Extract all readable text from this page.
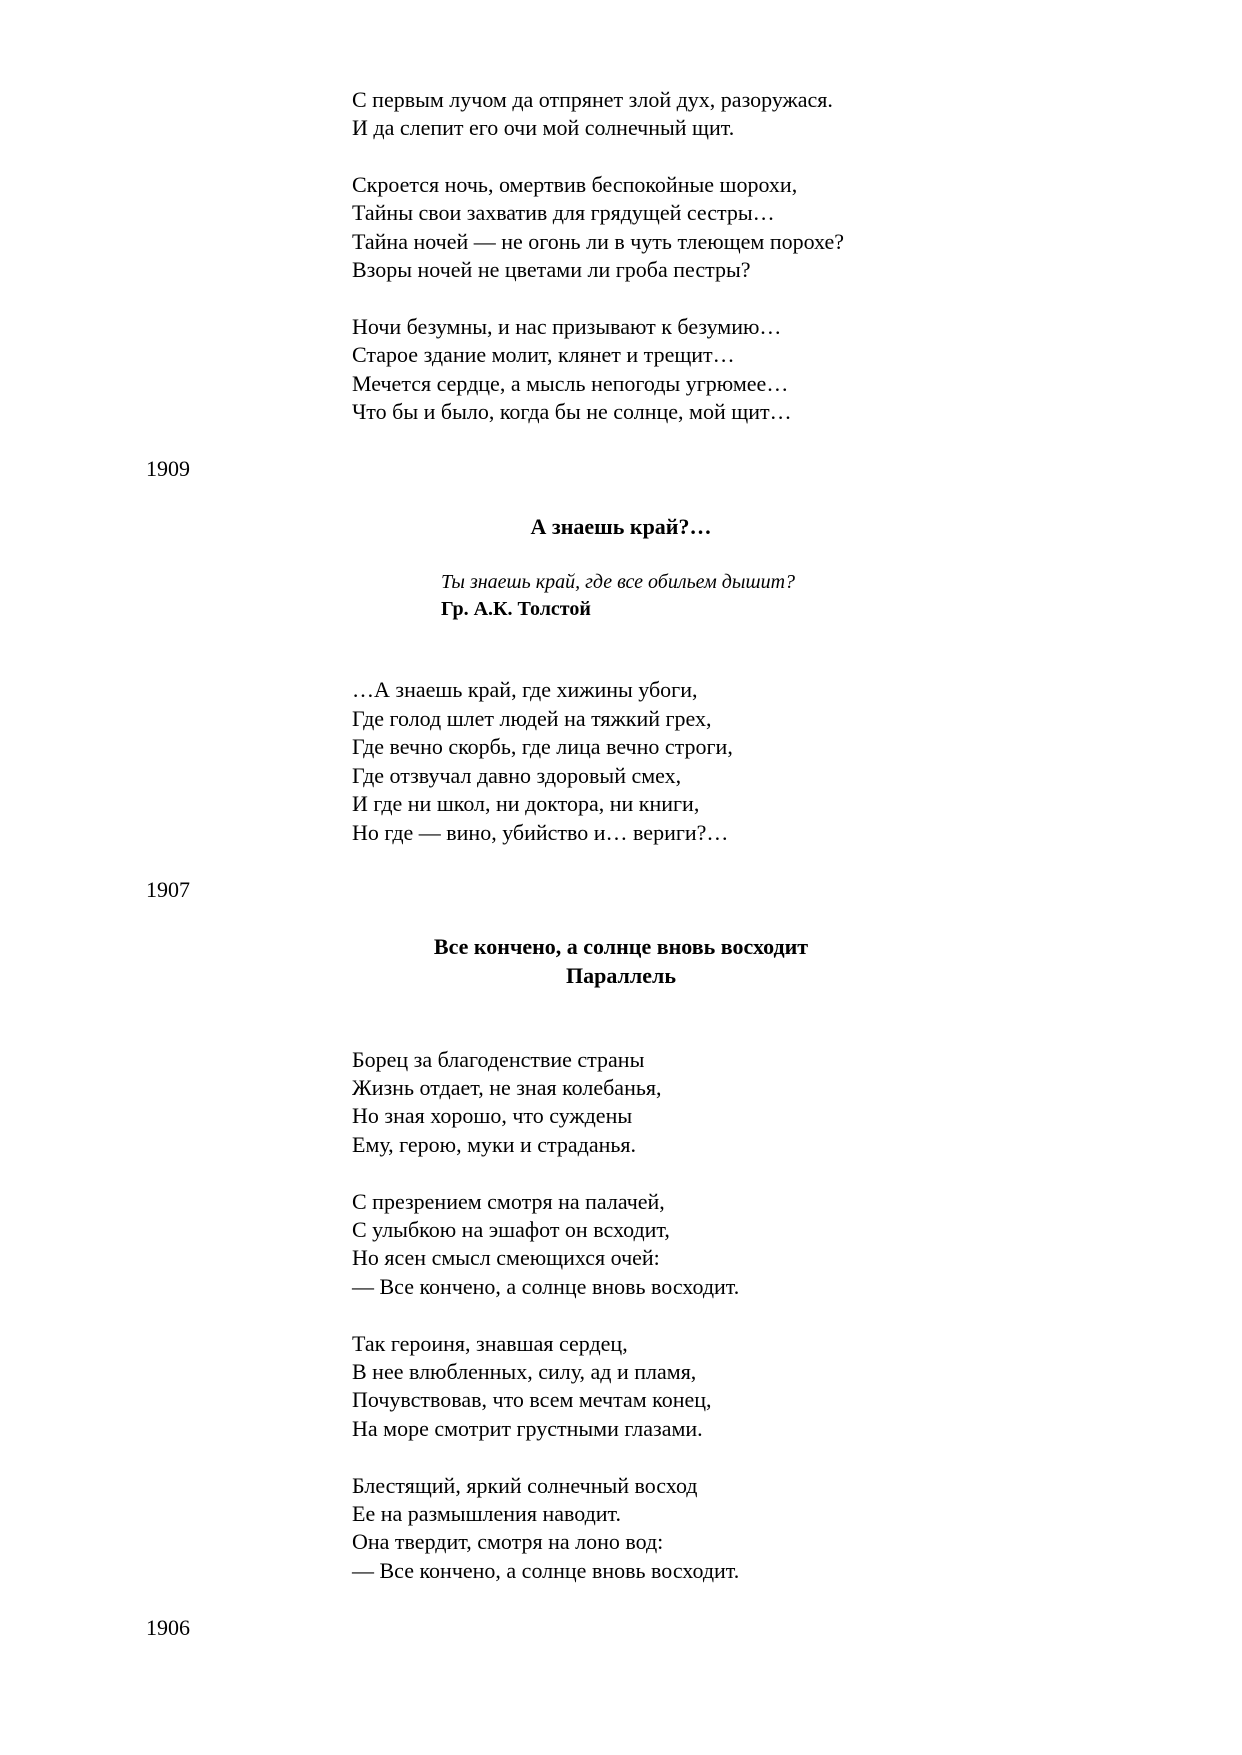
С первым лучом да отпрянет злой дух, разоружася.
И да слепит его очи мой солнечный щит.
Скроется ночь, омертвив беспокойные шорохи,
Тайны свои захватив для грядущей сестры…
Тайна ночей — не огонь ли в чуть тлеющем порохе?
Взоры ночей не цветами ли гроба пестры?
Ночи безумны, и нас призывают к безумию…
Старое здание молит, клянет и трещит…
Мечется сердце, а мысль непогоды угрюмее…
Что бы и было, когда бы не солнце, мой щит…
1909
А знаешь край?…
Ты знаешь край, где все обильем дышит?
Гр. А.К. Толстой
…А знаешь край, где хижины убоги,
Где голод шлет людей на тяжкий грех,
Где вечно скорбь, где лица вечно строги,
Где отзвучал давно здоровый смех,
И где ни школ, ни доктора, ни книги,
Но где — вино, убийство и… вериги?…
1907
Все кончено, а солнце вновь восходит
Параллель
Борец за благоденствие страны
Жизнь отдает, не зная колебанья,
Но зная хорошо, что суждены
Ему, герою, муки и страданья.
С презрением смотря на палачей,
С улыбкою на эшафот он всходит,
Но ясен смысл смеющихся очей:
— Все кончено, а солнце вновь восходит.
Так героиня, знавшая сердец,
В нее влюбленных, силу, ад и пламя,
Почувствовав, что всем мечтам конец,
На море смотрит грустными глазами.
Блестящий, яркий солнечный восход
Ее на размышления наводит.
Она твердит, смотря на лоно вод:
— Все кончено, а солнце вновь восходит.
1906
